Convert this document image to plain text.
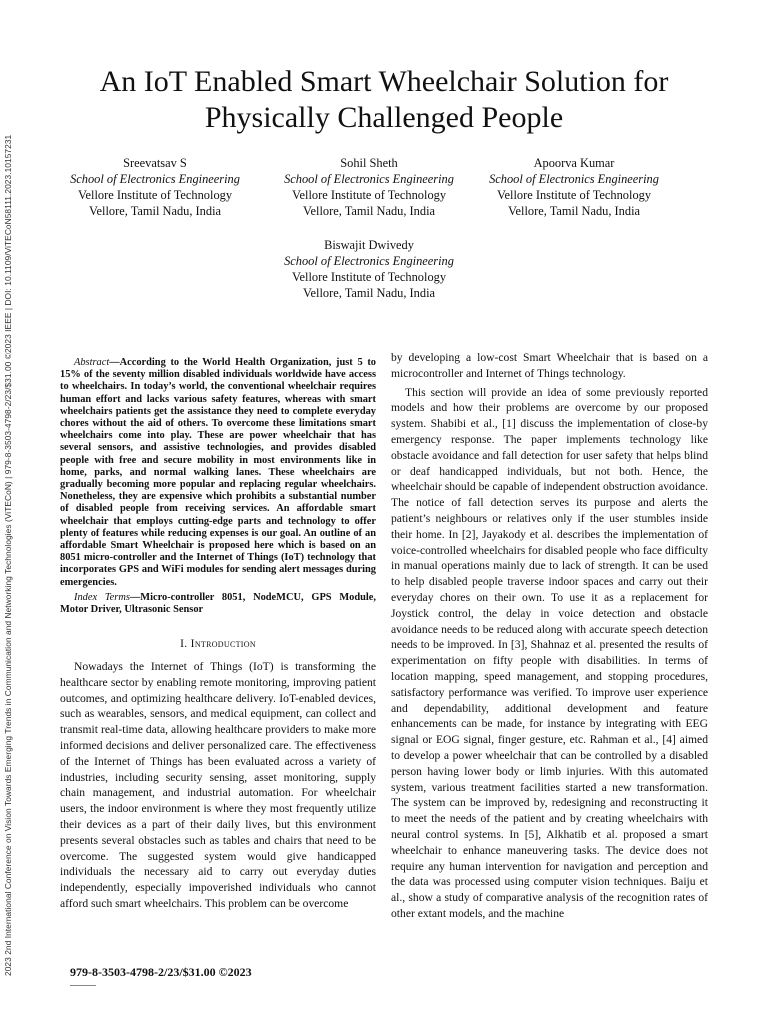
2023 2nd International Conference on Vision Towards Emerging Trends in Communication and Networking Technologies (ViTECoN) | 979-8-3503-4798-2/23/$31.00 ©2023 IEEE | DOI: 10.1109/ViTECoN58111.2023.10157231
An IoT Enabled Smart Wheelchair Solution for Physically Challenged People
Sreevatsav S
School of Electronics Engineering
Vellore Institute of Technology
Vellore, Tamil Nadu, India
Sohil Sheth
School of Electronics Engineering
Vellore Institute of Technology
Vellore, Tamil Nadu, India
Apoorva Kumar
School of Electronics Engineering
Vellore Institute of Technology
Vellore, Tamil Nadu, India
Biswajit Dwivedy
School of Electronics Engineering
Vellore Institute of Technology
Vellore, Tamil Nadu, India

Abstract—According to the World Health Organization, just 5 to 15% of the seventy million disabled individuals worldwide have access to wheelchairs. In today’s world, the conventional wheelchair requires human effort and lacks various safety features, whereas with smart wheelchairs patients get the assistance they need to complete everyday chores without the aid of others. To overcome these limitations smart wheelchairs come into play. These are power wheelchair that has several sensors, and assistive technologies, and provides disabled people with free and secure mobility in most environments like in home, parks, and normal walking lanes. These wheelchairs are gradually becoming more popular and replacing regular wheelchairs. Nonetheless, they are expensive which prohibits a substantial number of disabled people from receiving services. An affordable smart wheelchair that employs cutting-edge parts and technology to offer plenty of features while reducing expenses is our goal. An outline of an affordable Smart Wheelchair is proposed here which is based on an 8051 micro-controller and the Internet of Things (IoT) technology that incorporates GPS and WiFi modules for sending alert messages during emergencies.

Index Terms—Micro-controller 8051, NodeMCU, GPS Module, Motor Driver, Ultrasonic Sensor

I. Introduction

Nowadays the Internet of Things (IoT) is transforming the healthcare sector by enabling remote monitoring, improving patient outcomes, and optimizing healthcare delivery. IoT-enabled devices, such as wearables, sensors, and medical equipment, can collect and transmit real-time data, allowing healthcare providers to make more informed decisions and deliver personalized care. The effectiveness of the Internet of Things has been evaluated across a variety of industries, including security sensing, asset monitoring, supply chain management, and industrial automation. For wheelchair users, the indoor environment is where they most frequently utilize their devices as a part of their daily lives, but this environment presents several obstacles such as tables and chairs that need to be overcome. The suggested system would give handicapped individuals the necessary aid to carry out everyday duties independently, especially impoverished individuals who cannot afford such smart wheelchairs. This problem can be overcome

by developing a low-cost Smart Wheelchair that is based on a microcontroller and Internet of Things technology.

This section will provide an idea of some previously reported models and how their problems are overcome by our proposed system. Shabibi et al., [1] discuss the implementation of close-by emergency response. The paper implements technology like obstacle avoidance and fall detection for user safety that helps blind or deaf handicapped individuals, but not both. Hence, the wheelchair should be capable of independent obstruction avoidance. The notice of fall detection serves its purpose and alerts the patient’s neighbours or relatives only if the user stumbles inside their home. In [2], Jayakody et al. describes the implementation of voice-controlled wheelchairs for disabled people who face difficulty in manual operations mainly due to lack of strength. It can be used to help disabled people traverse indoor spaces and carry out their everyday chores on their own. To use it as a replacement for Joystick control, the delay in voice detection and obstacle avoidance needs to be reduced along with accurate speech detection needs to be improved. In [3], Shahnaz et al. presented the results of experimentation on fifty people with disabilities. In terms of location mapping, speed management, and stopping procedures, satisfactory performance was verified. To improve user experience and dependability, additional development and feature enhancements can be made, for instance by integrating with EEG signal or EOG signal, finger gesture, etc. Rahman et al., [4] aimed to develop a power wheelchair that can be controlled by a disabled person having lower body or limb injuries. With this automated system, various treatment facilities started a new transformation. The system can be improved by, redesigning and reconstructing it to meet the needs of the patient and by creating wheelchairs with neural control systems. In [5], Alkhatib et al. proposed a smart wheelchair to enhance maneuvering tasks. The device does not require any human intervention for navigation and perception and the data was processed using computer vision techniques. Baiju et al., show a study of comparative analysis of the recognition rates of other extant models, and the machine

979-8-3503-4798-2/23/$31.00 ©2023
